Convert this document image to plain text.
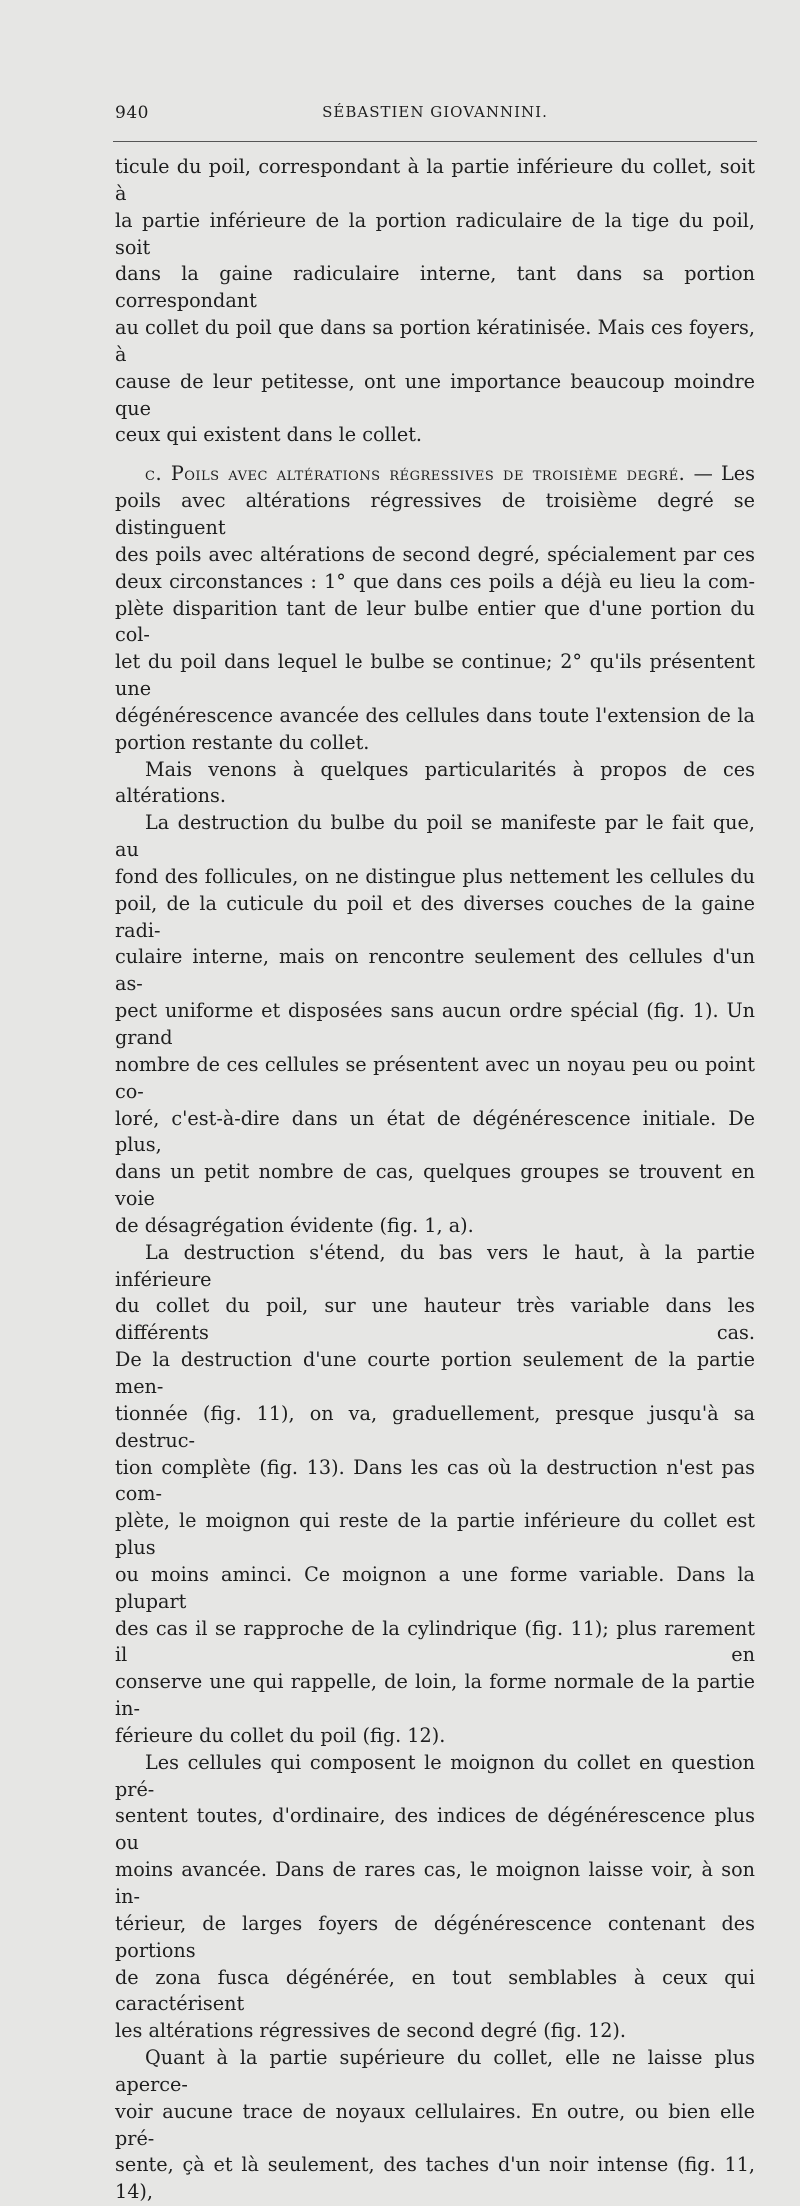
940	SÉBASTIEN GIOVANNINI.

ticule du poil, correspondant à la partie inférieure du collet, soit à
la partie inférieure de la portion radiculaire de la tige du poil, soit
dans la gaine radiculaire interne, tant dans sa portion correspondant
au collet du poil que dans sa portion kératinisée. Mais ces foyers, à
cause de leur petitesse, ont une importance beaucoup moindre que
ceux qui existent dans le collet.

c. Poils avec altérations régressives de troisième degré. — Les
poils avec altérations régressives de troisième degré se distinguent
des poils avec altérations de second degré, spécialement par ces
deux circonstances : 1° que dans ces poils a déjà eu lieu la com-
plète disparition tant de leur bulbe entier que d'une portion du col-
let du poil dans lequel le bulbe se continue; 2° qu'ils présentent une
dégénérescence avancée des cellules dans toute l'extension de la
portion restante du collet.

Mais venons à quelques particularités à propos de ces altérations.

La destruction du bulbe du poil se manifeste par le fait que, au
fond des follicules, on ne distingue plus nettement les cellules du
poil, de la cuticule du poil et des diverses couches de la gaine radi-
culaire interne, mais on rencontre seulement des cellules d'un as-
pect uniforme et disposées sans aucun ordre spécial (fig. 1). Un grand
nombre de ces cellules se présentent avec un noyau peu ou point co-
loré, c'est-à-dire dans un état de dégénérescence initiale. De plus,
dans un petit nombre de cas, quelques groupes se trouvent en voie
de désagrégation évidente (fig. 1, a).

La destruction s'étend, du bas vers le haut, à la partie inférieure
du collet du poil, sur une hauteur très variable dans les différents cas.
De la destruction d'une courte portion seulement de la partie men-
tionnée (fig. 11), on va, graduellement, presque jusqu'à sa destruc-
tion complète (fig. 13). Dans les cas où la destruction n'est pas com-
plète, le moignon qui reste de la partie inférieure du collet est plus
ou moins aminci. Ce moignon a une forme variable. Dans la plupart
des cas il se rapproche de la cylindrique (fig. 11); plus rarement il en
conserve une qui rappelle, de loin, la forme normale de la partie in-
férieure du collet du poil (fig. 12).

Les cellules qui composent le moignon du collet en question pré-
sentent toutes, d'ordinaire, des indices de dégénérescence plus ou
moins avancée. Dans de rares cas, le moignon laisse voir, à son in-
térieur, de larges foyers de dégénérescence contenant des portions
de zona fusca dégénérée, en tout semblables à ceux qui caractérisent
les altérations régressives de second degré (fig. 12).

Quant à la partie supérieure du collet, elle ne laisse plus aperce-
voir aucune trace de noyaux cellulaires. En outre, ou bien elle pré-
sente, çà et là seulement, des taches d'un noir intense (fig. 11, 14),
